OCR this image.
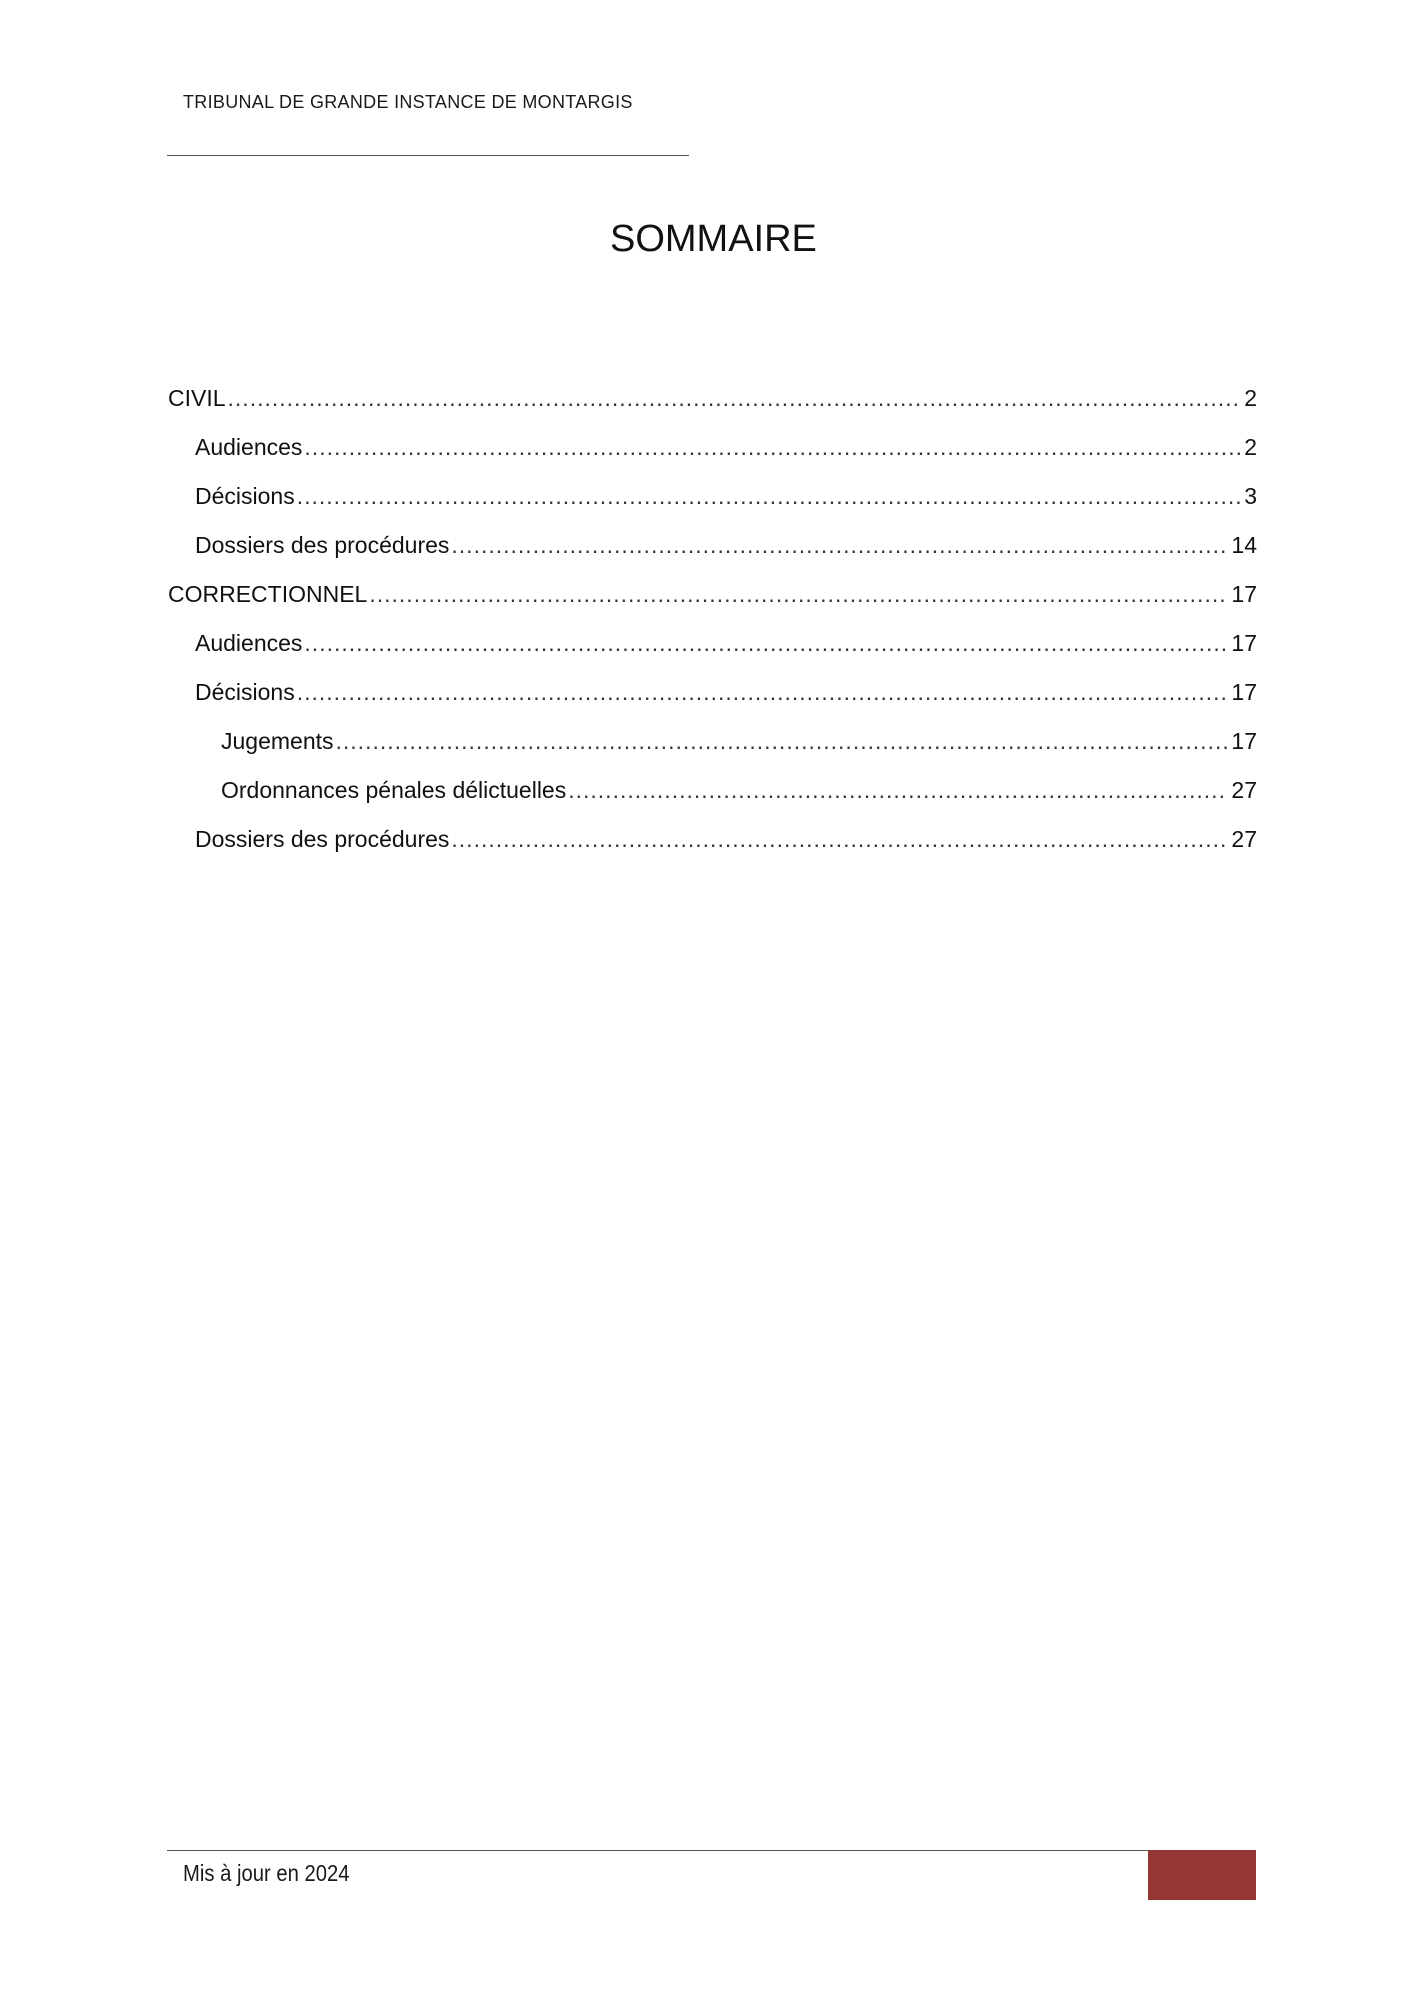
TRIBUNAL DE GRANDE INSTANCE DE MONTARGIS
SOMMAIRE
CIVIL .....	2
Audiences .....	2
Décisions .....	3
Dossiers des procédures .....	14
CORRECTIONNEL .....	17
Audiences .....	17
Décisions .....	17
Jugements .....	17
Ordonnances pénales délictuelles .....	27
Dossiers des procédures .....	27
Mis à jour en 2024
